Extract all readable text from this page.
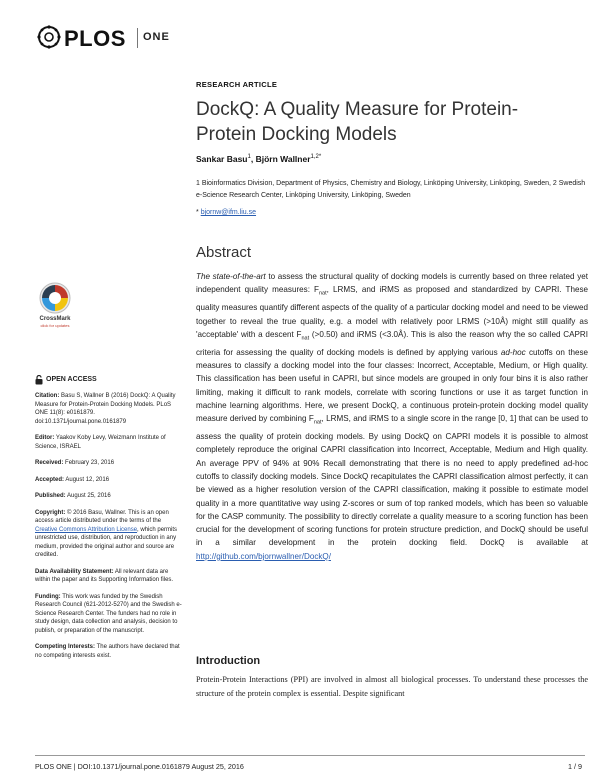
PLOS ONE
RESEARCH ARTICLE
DockQ: A Quality Measure for Protein-Protein Docking Models
Sankar Basu$^1$, Björn Wallner$^{1,2*}$
1 Bioinformatics Division, Department of Physics, Chemistry and Biology, Linköping University, Linköping, Sweden, 2 Swedish e-Science Research Center, Linköping University, Linköping, Sweden
* bjornw@ifm.liu.se
Abstract
The state-of-the-art to assess the structural quality of docking models is currently based on three related yet independent quality measures: $F_{nat}$, LRMS, and iRMS as proposed and standardized by CAPRI. These quality measures quantify different aspects of the quality of a particular docking model and need to be viewed together to reveal the true quality, e.g. a model with relatively poor LRMS (>10Å) might still qualify as 'acceptable' with a descent $F_{nat}$ (>0.50) and iRMS (<3.0Å). This is also the reason why the so called CAPRI criteria for assessing the quality of docking models is defined by applying various ad-hoc cutoffs on these measures to classify a docking model into the four classes: Incorrect, Acceptable, Medium, or High quality. This classification has been useful in CAPRI, but since models are grouped in only four bins it is also rather limiting, making it difficult to rank models, correlate with scoring functions or use it as target function in machine learning algorithms. Here, we present DockQ, a continuous protein-protein docking model quality measure derived by combining $F_{nat}$, LRMS, and iRMS to a single score in the range [0, 1] that can be used to assess the quality of protein docking models. By using DockQ on CAPRI models it is possible to almost completely reproduce the original CAPRI classification into Incorrect, Acceptable, Medium and High quality. An average PPV of 94% at 90% Recall demonstrating that there is no need to apply predefined ad-hoc cutoffs to classify docking models. Since DockQ recapitulates the CAPRI classification almost perfectly, it can be viewed as a higher resolution version of the CAPRI classification, making it possible to estimate model quality in a more quantitative way using Z-scores or sum of top ranked models, which has been so valuable for the CASP community. The possibility to directly correlate a quality measure to a scoring function has been crucial for the development of scoring functions for protein structure prediction, and DockQ should be useful in a similar development in the protein docking field. DockQ is available at http://github.com/bjornwallner/DockQ/
Introduction
Protein-Protein Interactions (PPI) are involved in almost all biological processes. To understand these processes the structure of the protein complex is essential. Despite significant
CrossMark
click for updates
OPEN ACCESS
Citation: Basu S, Wallner B (2016) DockQ: A Quality Measure for Protein-Protein Docking Models. PLoS ONE 11(8): e0161879. doi:10.1371/journal.pone.0161879
Editor: Yaakov Koby Levy, Weizmann Institute of Science, ISRAEL
Received: February 23, 2016
Accepted: August 12, 2016
Published: August 25, 2016
Copyright: © 2016 Basu, Wallner. This is an open access article distributed under the terms of the Creative Commons Attribution License, which permits unrestricted use, distribution, and reproduction in any medium, provided the original author and source are credited.
Data Availability Statement: All relevant data are within the paper and its Supporting Information files.
Funding: This work was funded by the Swedish Research Council (621-2012-5270) and the Swedish e-Science Research Center. The funders had no role in study design, data collection and analysis, decision to publish, or preparation of the manuscript.
Competing Interests: The authors have declared that no competing interests exist.
PLOS ONE | DOI:10.1371/journal.pone.0161879 August 25, 2016	1 / 9
